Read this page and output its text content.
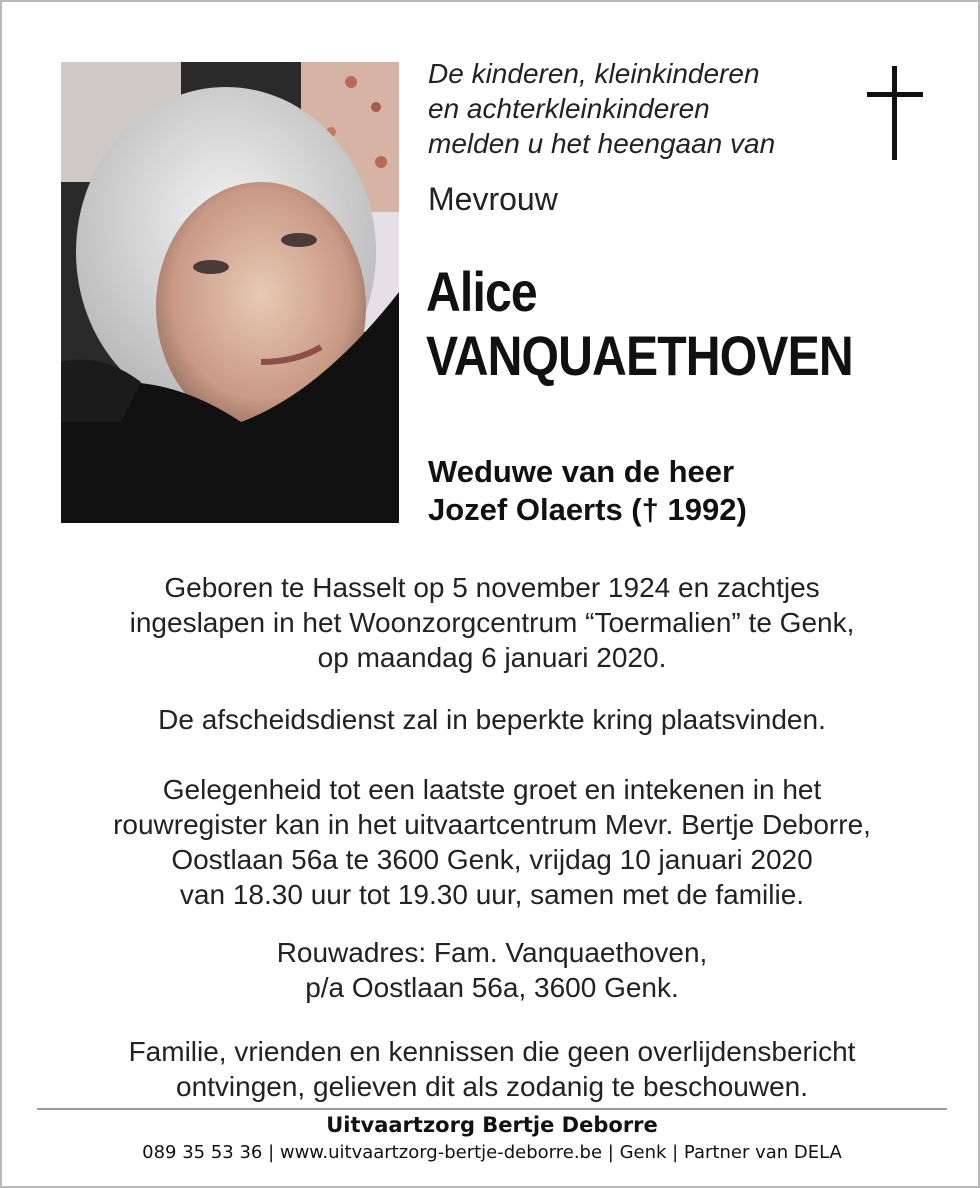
De kinderen, kleinkinderen
en achterkleinkinderen
melden u het heengaan van
Mevrouw
Alice
VANQUAETHOVEN
Weduwe van de heer
Jozef Olaerts († 1992)
Geboren te Hasselt op 5 november 1924 en zachtjes
ingeslapen in het Woonzorgcentrum “Toermalien” te Genk,
op maandag 6 januari 2020.
De afscheidsdienst zal in beperkte kring plaatsvinden.
Gelegenheid tot een laatste groet en intekenen in het
rouwregister kan in het uitvaartcentrum Mevr. Bertje Deborre,
Oostlaan 56a te 3600 Genk, vrijdag 10 januari 2020
van 18.30 uur tot 19.30 uur, samen met de familie.
Rouwadres: Fam. Vanquaethoven,
p/a Oostlaan 56a, 3600 Genk.
Familie, vrienden en kennissen die geen overlijdensbericht
ontvingen, gelieven dit als zodanig te beschouwen.
Uitvaartzorg Bertje Deborre
089 35 53 36 | www.uitvaartzorg-bertje-deborre.be | Genk | Partner van DELA
